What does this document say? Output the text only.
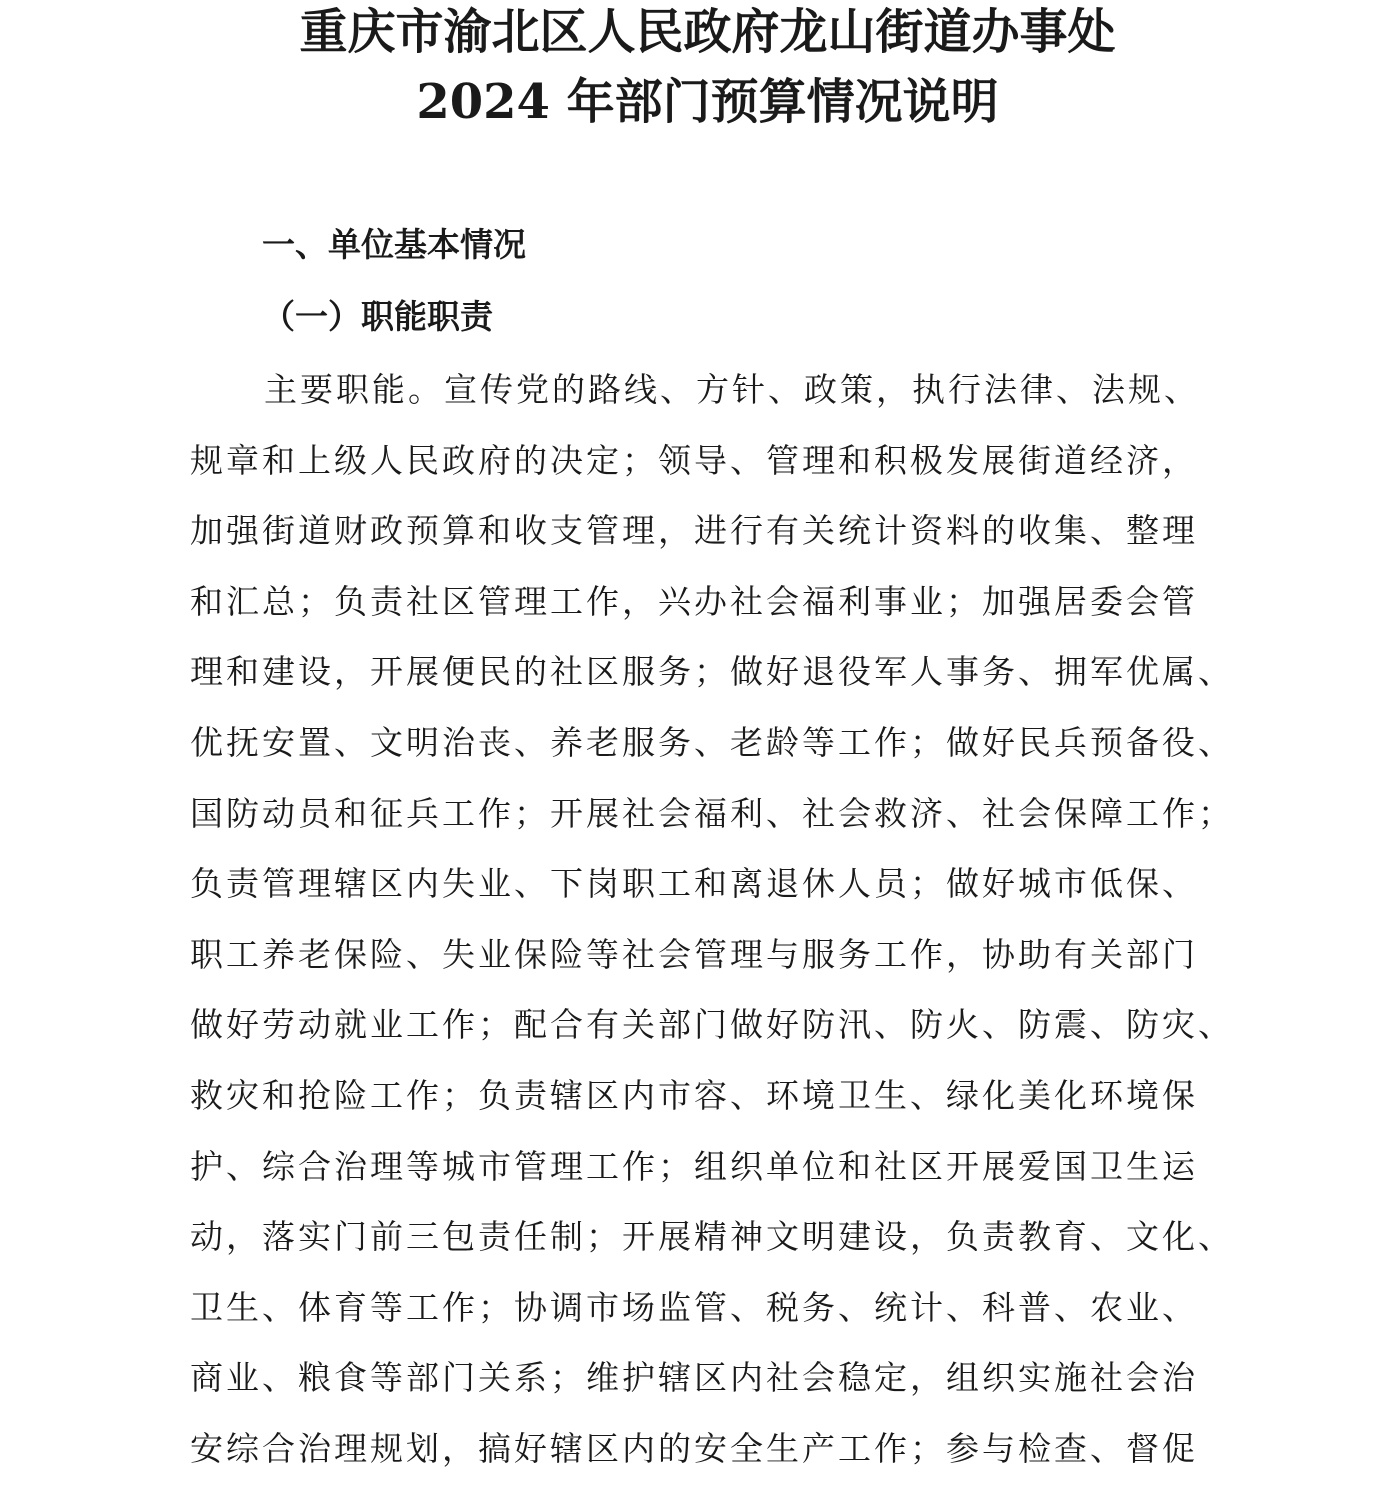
重庆市渝北区人民政府龙山街道办事处
2024 年部门预算情况说明
一、单位基本情况
（一）职能职责
主要职能。宣传党的路线、方针、政策，执行法律、法规、
规章和上级人民政府的决定；领导、管理和积极发展街道经济，
加强街道财政预算和收支管理，进行有关统计资料的收集、整理
和汇总；负责社区管理工作，兴办社会福利事业；加强居委会管
理和建设，开展便民的社区服务；做好退役军人事务、拥军优属、
优抚安置、文明治丧、养老服务、老龄等工作；做好民兵预备役、
国防动员和征兵工作；开展社会福利、社会救济、社会保障工作；
负责管理辖区内失业、下岗职工和离退休人员；做好城市低保、
职工养老保险、失业保险等社会管理与服务工作，协助有关部门
做好劳动就业工作；配合有关部门做好防汛、防火、防震、防灾、
救灾和抢险工作；负责辖区内市容、环境卫生、绿化美化环境保
护、综合治理等城市管理工作；组织单位和社区开展爱国卫生运
动，落实门前三包责任制；开展精神文明建设，负责教育、文化、
卫生、体育等工作；协调市场监管、税务、统计、科普、农业、
商业、粮食等部门关系；维护辖区内社会稳定，组织实施社会治
安综合治理规划，搞好辖区内的安全生产工作；参与检查、督促
